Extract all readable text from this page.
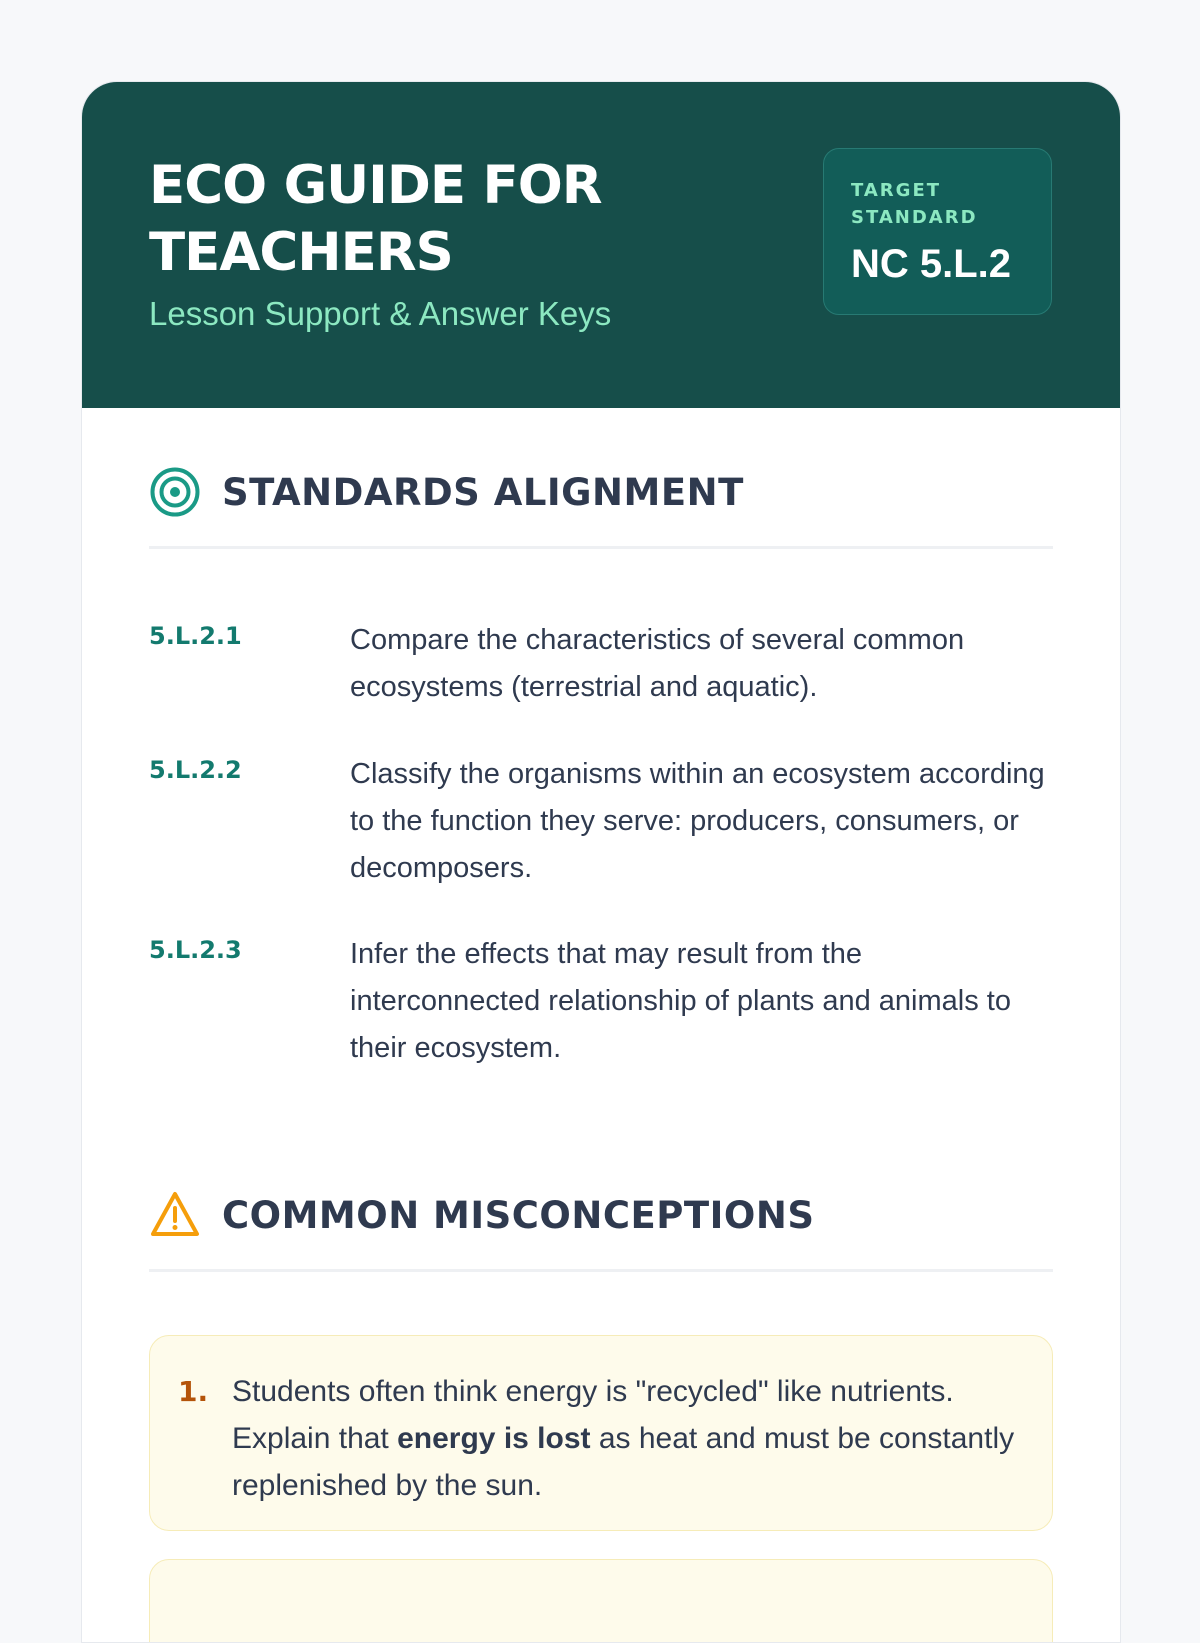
ECO GUIDE FOR TEACHERS

Lesson Support & Answer Keys

TARGET STANDARD
NC 5.L.2
STANDARDS ALIGNMENT
5.L.2.1	Compare the characteristics of several common ecosystems (terrestrial and aquatic).
5.L.2.2	Classify the organisms within an ecosystem according to the function they serve: producers, consumers, or decomposers.
5.L.2.3	Infer the effects that may result from the interconnected relationship of plants and animals to their ecosystem.
COMMON MISCONCEPTIONS
1. Students often think energy is "recycled" like nutrients. Explain that energy is lost as heat and must be constantly replenished by the sun.
